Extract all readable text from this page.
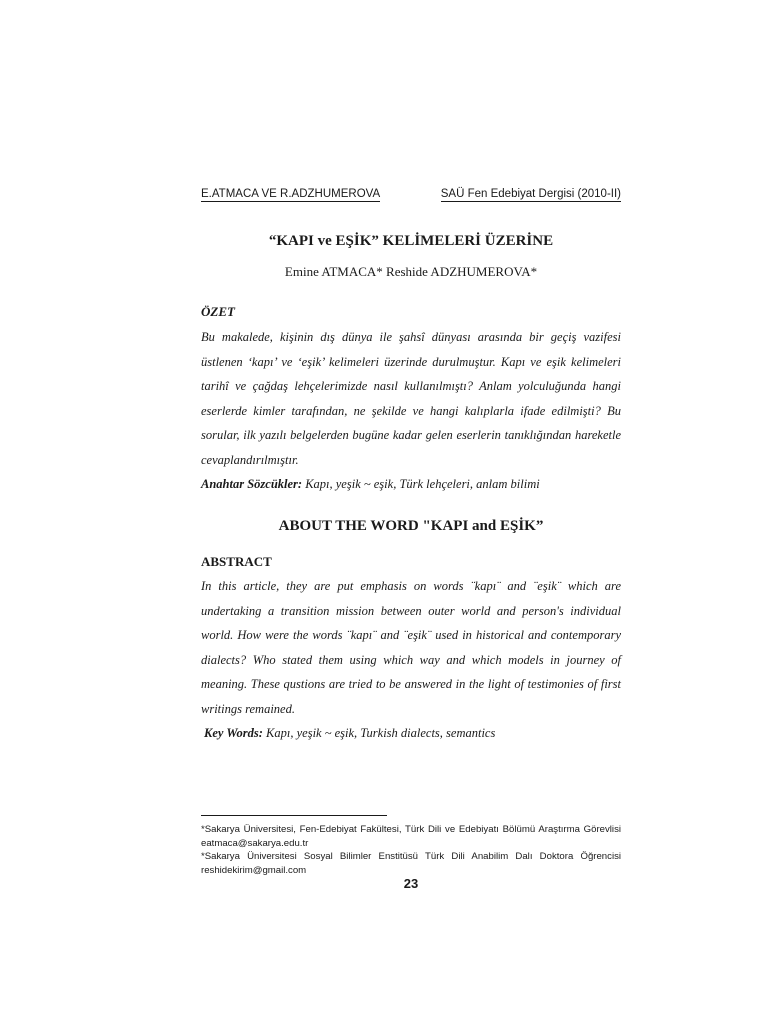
E.ATMACA VE R.ADZHUMEROVA	SAÜ Fen Edebiyat Dergisi (2010-II)
“KAPI ve EŞİK” KELİMELERİ ÜZERİNE
Emine ATMACA* Reshide ADZHUMEROVA*
ÖZET
Bu makalede, kişinin dış dünya ile şahsî dünyası arasında bir geçiş vazifesi üstlenen ‘kapı’ ve ‘eşik’ kelimeleri üzerinde durulmuştur. Kapı ve eşik kelimeleri tarihî ve çağdaş lehçelerimizde nasıl kullanılmıştı? Anlam yolculuğunda hangi eserlerde kimler tarafından, ne şekilde ve hangi kalıplarla ifade edilmişti? Bu sorular, ilk yazılı belgelerden bugüne kadar gelen eserlerin tanıklığından hareketle cevaplandırılmıştır.
Anahtar Sözcükler: Kapı, yeşik ~ eşik, Türk lehçeleri, anlam bilimi
ABOUT THE WORD "KAPI and EŞİK”
ABSTRACT
In this article, they are put emphasis on words ¨kapı¨ and ¨eşik¨ which are undertaking a transition mission between outer world and person's individual world. How were the words ¨kapı¨ and ¨eşik¨ used in historical and contemporary dialects? Who stated them using which way and which models in journey of meaning. These qustions are tried to be answered in the light of testimonies of first writings remained.
Key Words: Kapı, yeşik ~ eşik, Turkish dialects, semantics

*Sakarya Üniversitesi, Fen-Edebiyat Fakültesi, Türk Dili ve Edebiyatı Bölümü Araştırma Görevlisi eatmaca@sakarya.edu.tr

*Sakarya Üniversitesi Sosyal Bilimler Enstitüsü Türk Dili Anabilim Dalı Doktora Öğrencisi reshidekirim@gmail.com

23
